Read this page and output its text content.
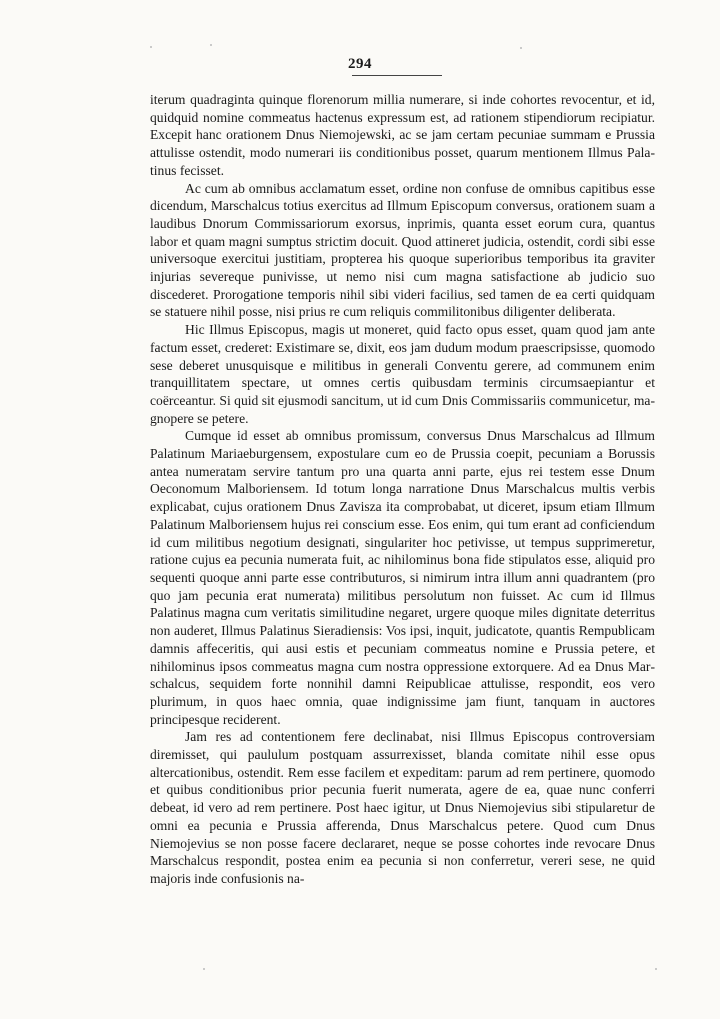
294

iterum quadraginta quinque florenorum millia numerare, si inde cohortes revocentur, et id, quidquid nomine commeatus hactenus expressum est, ad rationem stipendiorum recipiatur. Excepit hanc orationem Dnus Niemojewski, ac se jam certam pecuniae summam e Prussia attulisse ostendit, modo numerari iis conditionibus posset, quarum mentionem Illmus Palatinus fecisset.

Ac cum ab omnibus acclamatum esset, ordine non confuse de omnibus capitibus esse dicendum, Marschalcus totius exercitus ad Illmum Episcopum conversus, orationem suam a laudibus Dnorum Commissariorum exorsus, inprimis, quanta esset eorum cura, quantus labor et quam magni sumptus strictim docuit. Quod attineret judicia, ostendit, cordi sibi esse universoque exercitui justitiam, propterea his quoque superioribus temporibus ita graviter injurias severeque punivisse, ut nemo nisi cum magna satisfactione ab judicio suo discederet. Prorogatione temporis nihil sibi videri facilius, sed tamen de ea certi quidquam se statuere nihil posse, nisi prius re cum reliquis commilitonibus diligenter deliberata.

Hic Illmus Episcopus, magis ut moneret, quid facto opus esset, quam quod jam ante factum esset, crederet: Existimare se, dixit, eos jam dudum modum praescripsisse, quomodo sese deberet unusquisque e militibus in generali Conventu gerere, ad communem enim tranquillitatem spectare, ut omnes certis quibusdam terminis circumsaepiantur et coërceantur. Si quid sit ejusmodi sancitum, ut id cum Dnis Commissariis communicetur, magnopere se petere.

Cumque id esset ab omnibus promissum, conversus Dnus Marschalcus ad Illmum Palatinum Mariaeburgensem, expostulare cum eo de Prussia coepit, pecuniam a Borussis antea numeratam servire tantum pro una quarta anni parte, ejus rei testem esse Dnum Oeconomum Malboriensem. Id totum longa narratione Dnus Marschalcus multis verbis explicabat, cujus orationem Dnus Zavisza ita comprobabat, ut diceret, ipsum etiam Illmum Palatinum Malboriensem hujus rei conscium esse. Eos enim, qui tum erant ad conficiendum id cum militibus negotium designati, singulariter hoc petivisse, ut tempus supprimeretur, ratione cujus ea pecunia numerata fuit, ac nihilominus bona fide stipulatos esse, aliquid pro sequenti quoque anni parte esse contributuros, si nimirum intra illum anni quadrantem (pro quo jam pecunia erat numerata) militibus persolutum non fuisset. Ac cum id Illmus Palatinus magna cum veritatis similitudine negaret, urgere quoque miles dignitate deterritus non auderet, Illmus Palatinus Sieradiensis: Vos ipsi, inquit, judicatote, quantis Rempublicam damnis affeceritis, qui ausi estis et pecuniam commeatus nomine e Prussia petere, et nihilominus ipsos commeatus magna cum nostra oppressione extorquere. Ad ea Dnus Marschalcus, sequidem forte nonnihil damni Reipublicae attulisse, respondit, eos vero plurimum, in quos haec omnia, quae indignissime jam fiunt, tanquam in auctores principesque reciderent.

Jam res ad contentionem fere declinabat, nisi Illmus Episcopus controversiam diremisset, qui paululum postquam assurrexisset, blanda comitate nihil esse opus altercationibus, ostendit. Rem esse facilem et expeditam: parum ad rem pertinere, quomodo et quibus conditionibus prior pecunia fuerit numerata, agere de ea, quae nunc conferri debeat, id vero ad rem pertinere. Post haec igitur, ut Dnus Niemojevius sibi stipularetur de omni ea pecunia e Prussia afferenda, Dnus Marschalcus petere. Quod cum Dnus Niemojevius se non posse facere declararet, neque se posse cohortes inde revocare Dnus Marschalcus respondit, postea enim ea pecunia si non conferretur, vereri sese, ne quid majoris inde confusionis na-
